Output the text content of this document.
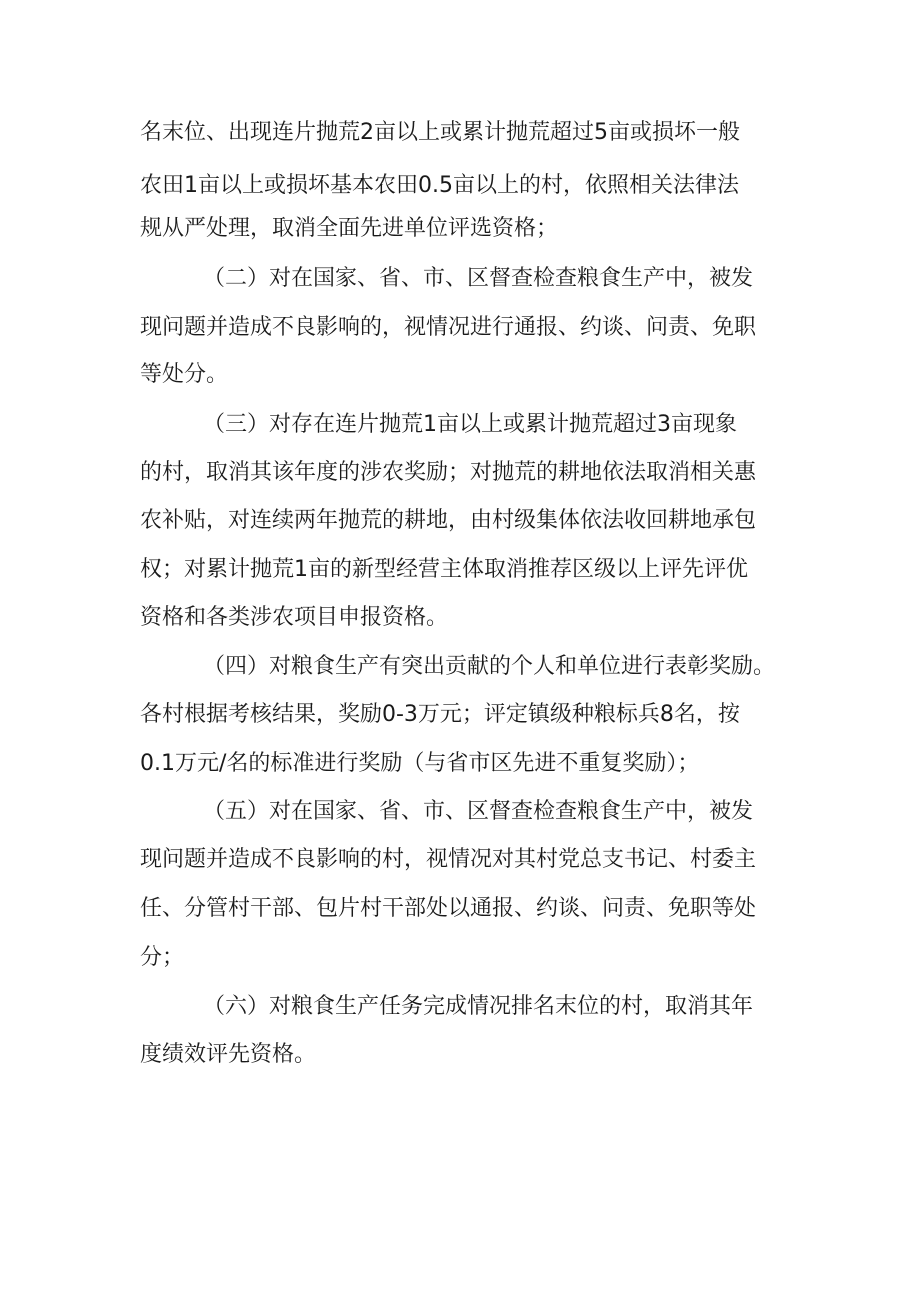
名末位、出现连片抛荒2亩以上或累计抛荒超过5亩或损坏一般
农田1亩以上或损坏基本农田0.5亩以上的村，依照相关法律法
规从严处理，取消全面先进单位评选资格；
（二）对在国家、省、市、区督查检查粮食生产中，被发
现问题并造成不良影响的，视情况进行通报、约谈、问责、免职
等处分。
（三）对存在连片抛荒1亩以上或累计抛荒超过3亩现象
的村，取消其该年度的涉农奖励；对抛荒的耕地依法取消相关惠
农补贴，对连续两年抛荒的耕地，由村级集体依法收回耕地承包
权；对累计抛荒1亩的新型经营主体取消推荐区级以上评先评优
资格和各类涉农项目申报资格。
（四）对粮食生产有突出贡献的个人和单位进行表彰奖励。
各村根据考核结果，奖励0-3万元；评定镇级种粮标兵8名，按
0.1万元/名的标准进行奖励（与省市区先进不重复奖励）；
（五）对在国家、省、市、区督查检查粮食生产中，被发
现问题并造成不良影响的村，视情况对其村党总支书记、村委主
任、分管村干部、包片村干部处以通报、约谈、问责、免职等处
分；
（六）对粮食生产任务完成情况排名末位的村，取消其年
度绩效评先资格。
